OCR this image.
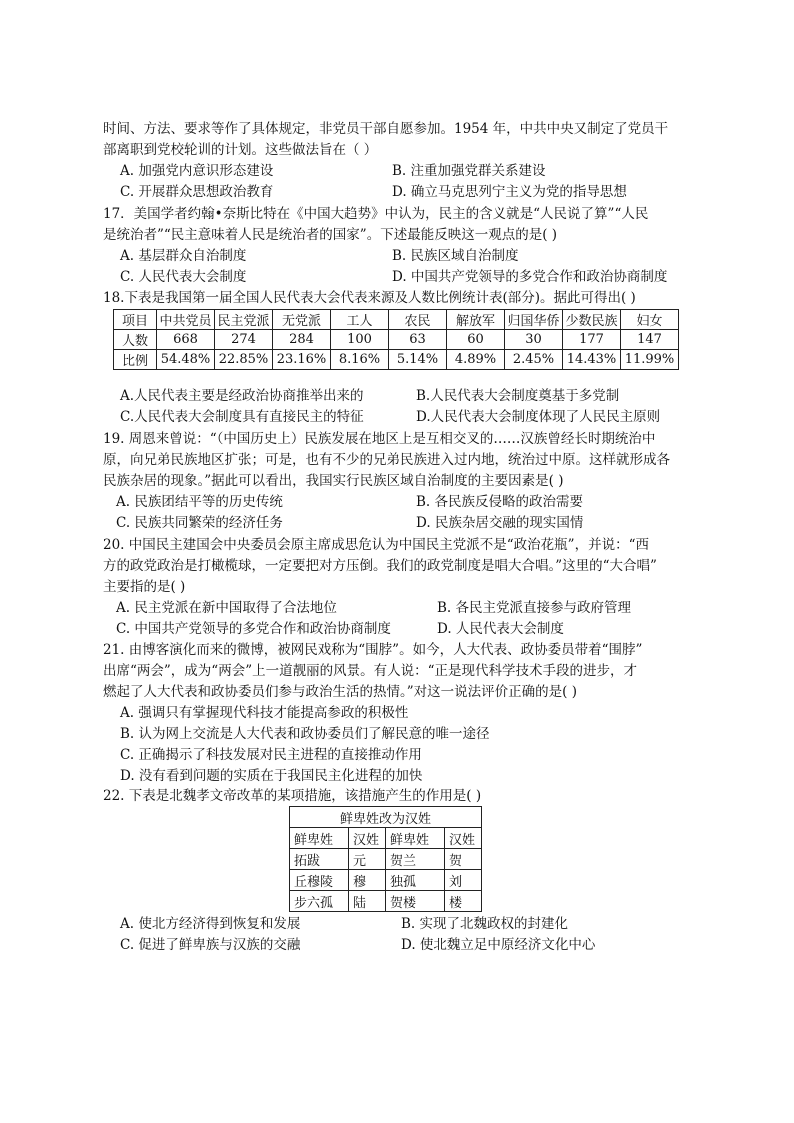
时间、方法、要求等作了具体规定，非党员干部自愿参加。1954 年，中共中央又制定了党员干
部离职到党校轮训的计划。这些做法旨在（ ）
A. 加强党内意识形态建设	B. 注重加强党群关系建设
C. 开展群众思想政治教育	D. 确立马克思列宁主义为党的指导思想
17．美国学者约翰•奈斯比特在《中国大趋势》中认为，民主的含义就是“人民说了算”“人民
是统治者”“民主意味着人民是统治者的国家”。下述最能反映这一观点的是( )
A. 基层群众自治制度	B. 民族区域自治制度
C. 人民代表大会制度	D. 中国共产党领导的多党合作和政治协商制度
18.下表是我国第一届全国人民代表大会代表来源及人数比例统计表(部分)。据此可得出( )
项目	中共党员	民主党派	无党派	工人	农民	解放军	归国华侨	少数民族	妇女
人数	668	274	284	100	63	60	30	177	147
比例	54.48%	22.85%	23.16%	8.16%	5.14%	4.89%	2.45%	14.43%	11.99%
A.人民代表主要是经政治协商推举出来的	B.人民代表大会制度奠基于多党制
C.人民代表大会制度具有直接民主的特征	D.人民代表大会制度体现了人民民主原则
19. 周恩来曾说：“（中国历史上）民族发展在地区上是互相交叉的……汉族曾经长时期统治中
原，向兄弟民族地区扩张；可是，也有不少的兄弟民族进入过内地，统治过中原。这样就形成各
民族杂居的现象。”据此可以看出，我国实行民族区域自治制度的主要因素是( )
A. 民族团结平等的历史传统	B. 各民族反侵略的政治需要
C. 民族共同繁荣的经济任务	D. 民族杂居交融的现实国情
20. 中国民主建国会中央委员会原主席成思危认为中国民主党派不是“政治花瓶”，并说：“西
方的政党政治是打橄榄球，一定要把对方压倒。我们的政党制度是唱大合唱。”这里的“大合唱”
主要指的是( )
A. 民主党派在新中国取得了合法地位	B. 各民主党派直接参与政府管理
C. 中国共产党领导的多党合作和政治协商制度	D. 人民代表大会制度
21. 由博客演化而来的微博，被网民戏称为“围脖”。如今，人大代表、政协委员带着“围脖”
出席“两会”，成为“两会”上一道靓丽的风景。有人说：“正是现代科学技术手段的进步，才
燃起了人大代表和政协委员们参与政治生活的热情。”对这一说法评价正确的是( )
A. 强调只有掌握现代科技才能提高参政的积极性
B. 认为网上交流是人大代表和政协委员们了解民意的唯一途径
C. 正确揭示了科技发展对民主进程的直接推动作用
D. 没有看到问题的实质在于我国民主化进程的加快
22. 下表是北魏孝文帝改革的某项措施，该措施产生的作用是( )
鲜卑姓改为汉姓			
鲜卑姓	汉姓	鲜卑姓	汉姓
拓跋	元	贺兰	贺
丘穆陵	穆	独孤	刘
步六孤	陆	贺楼	楼
A. 使北方经济得到恢复和发展	B. 实现了北魏政权的封建化
C. 促进了鲜卑族与汉族的交融	D. 使北魏立足中原经济文化中心
